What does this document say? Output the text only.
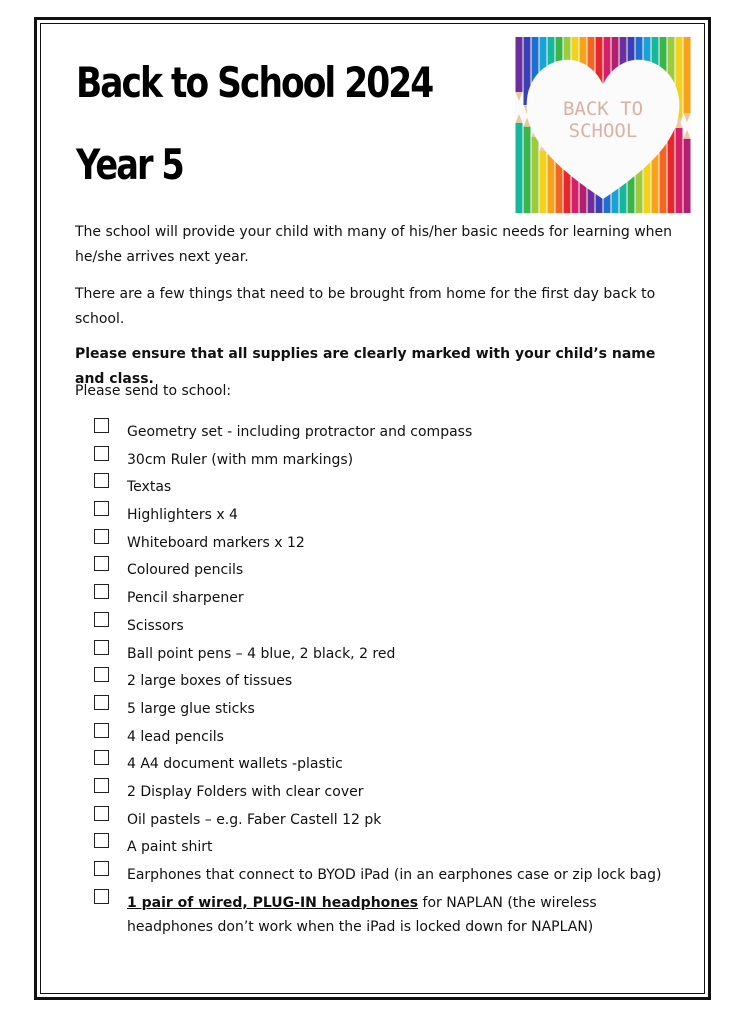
Back to School 2024
Year 5
BACK TO
SCHOOL

The school will provide your child with many of his/her basic needs for learning when he/she arrives next year.

There are a few things that need to be brought from home for the first day back to school.

Please ensure that all supplies are clearly marked with your child’s name and class.

Please send to school:

Geometry set - including protractor and compass
30cm Ruler (with mm markings)
Textas
Highlighters x 4
Whiteboard markers x 12
Coloured pencils
Pencil sharpener
Scissors
Ball point pens – 4 blue, 2 black, 2 red
2 large boxes of tissues
5 large glue sticks
4 lead pencils
4 A4 document wallets -plastic
2 Display Folders with clear cover
Oil pastels – e.g. Faber Castell 12 pk
A paint shirt
Earphones that connect to BYOD iPad (in an earphones case or zip lock bag)
1 pair of wired, PLUG-IN headphones for NAPLAN (the wireless headphones don’t work when the iPad is locked down for NAPLAN)
